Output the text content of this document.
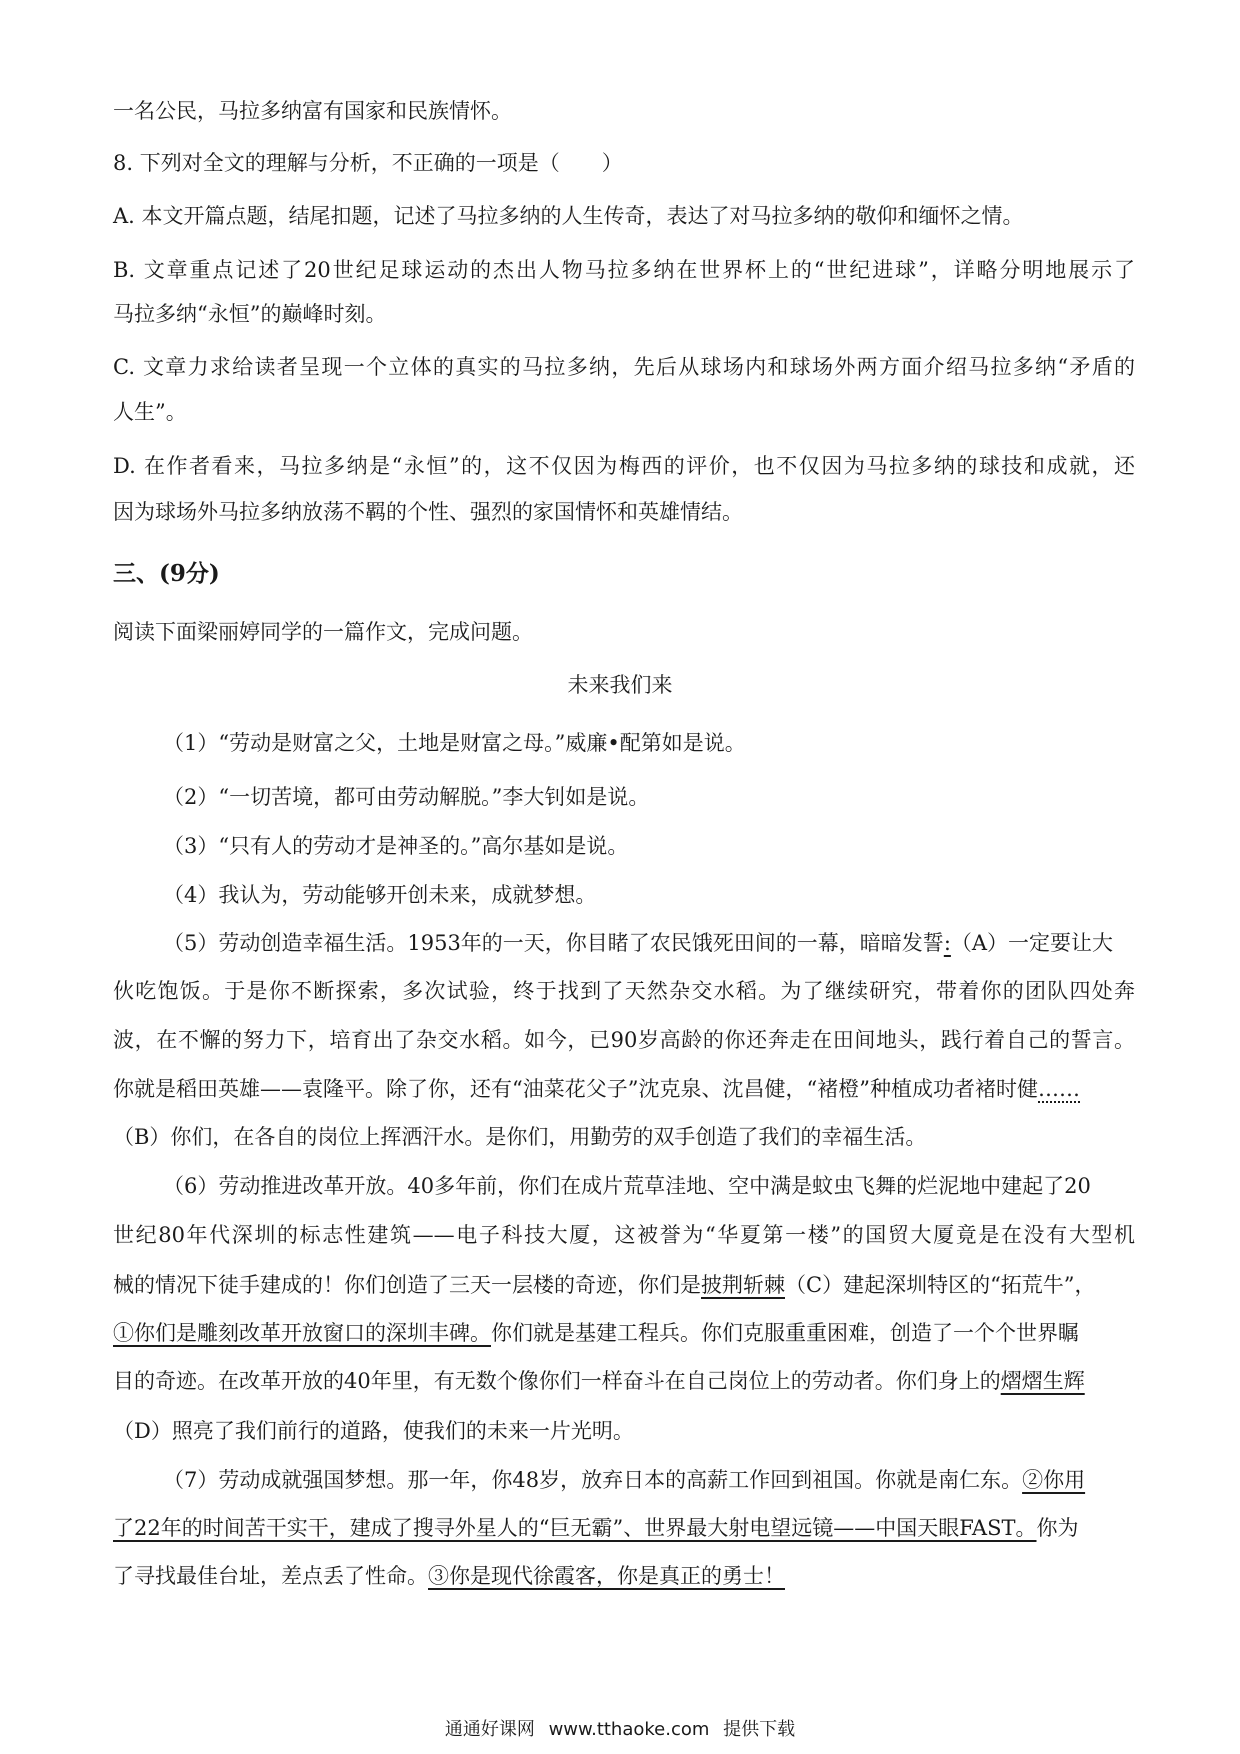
一名公民，马拉多纳富有国家和民族情怀。
8. 下列对全文的理解与分析，不正确的一项是（　　）
A. 本文开篇点题，结尾扣题，记述了马拉多纳的人生传奇，表达了对马拉多纳的敬仰和缅怀之情。
B. 文章重点记述了20世纪足球运动的杰出人物马拉多纳在世界杯上的“世纪进球”，详略分明地展示了
马拉多纳“永恒”的巅峰时刻。
C. 文章力求给读者呈现一个立体的真实的马拉多纳，先后从球场内和球场外两方面介绍马拉多纳“矛盾的
人生”。
D. 在作者看来，马拉多纳是“永恒”的，这不仅因为梅西的评价，也不仅因为马拉多纳的球技和成就，还
因为球场外马拉多纳放荡不羁的个性、强烈的家国情怀和英雄情结。
三、(9分)
阅读下面梁丽婷同学的一篇作文，完成问题。
未来我们来
（1）“劳动是财富之父，土地是财富之母。”威廉•配第如是说。
（2）“一切苦境，都可由劳动解脱。”李大钊如是说。
（3）“只有人的劳动才是神圣的。”高尔基如是说。
（4）我认为，劳动能够开创未来，成就梦想。
（5）劳动创造幸福生活。1953年的一天，你目睹了农民饿死田间的一幕，暗暗发誓:（A）一定要让大
伙吃饱饭。于是你不断探索，多次试验，终于找到了天然杂交水稻。为了继续研究，带着你的团队四处奔
波，在不懈的努力下，培育出了杂交水稻。如今，已90岁高龄的你还奔走在田间地头，践行着自己的誓言。
你就是稻田英雄——袁隆平。除了你，还有“油菜花父子”沈克泉、沈昌健，“褚橙”种植成功者褚时健……
（B）你们，在各自的岗位上挥洒汗水。是你们，用勤劳的双手创造了我们的幸福生活。
（6）劳动推进改革开放。40多年前，你们在成片荒草洼地、空中满是蚊虫飞舞的烂泥地中建起了20
世纪80年代深圳的标志性建筑——电子科技大厦，这被誉为“华夏第一楼”的国贸大厦竟是在没有大型机
械的情况下徒手建成的！你们创造了三天一层楼的奇迹，你们是披荆斩棘（C）建起深圳特区的“拓荒牛”，
①你们是雕刻改革开放窗口的深圳丰碑。你们就是基建工程兵。你们克服重重困难，创造了一个个世界瞩
目的奇迹。在改革开放的40年里，有无数个像你们一样奋斗在自己岗位上的劳动者。你们身上的熠熠生辉
（D）照亮了我们前行的道路，使我们的未来一片光明。
（7）劳动成就强国梦想。那一年，你48岁，放弃日本的高薪工作回到祖国。你就是南仁东。②你用
了22年的时间苦干实干，建成了搜寻外星人的“巨无霸”、世界最大射电望远镜——中国天眼FAST。你为
了寻找最佳台址，差点丢了性命。③你是现代徐霞客，你是真正的勇士！
通通好课网 www.tthaoke.com 提供下载
